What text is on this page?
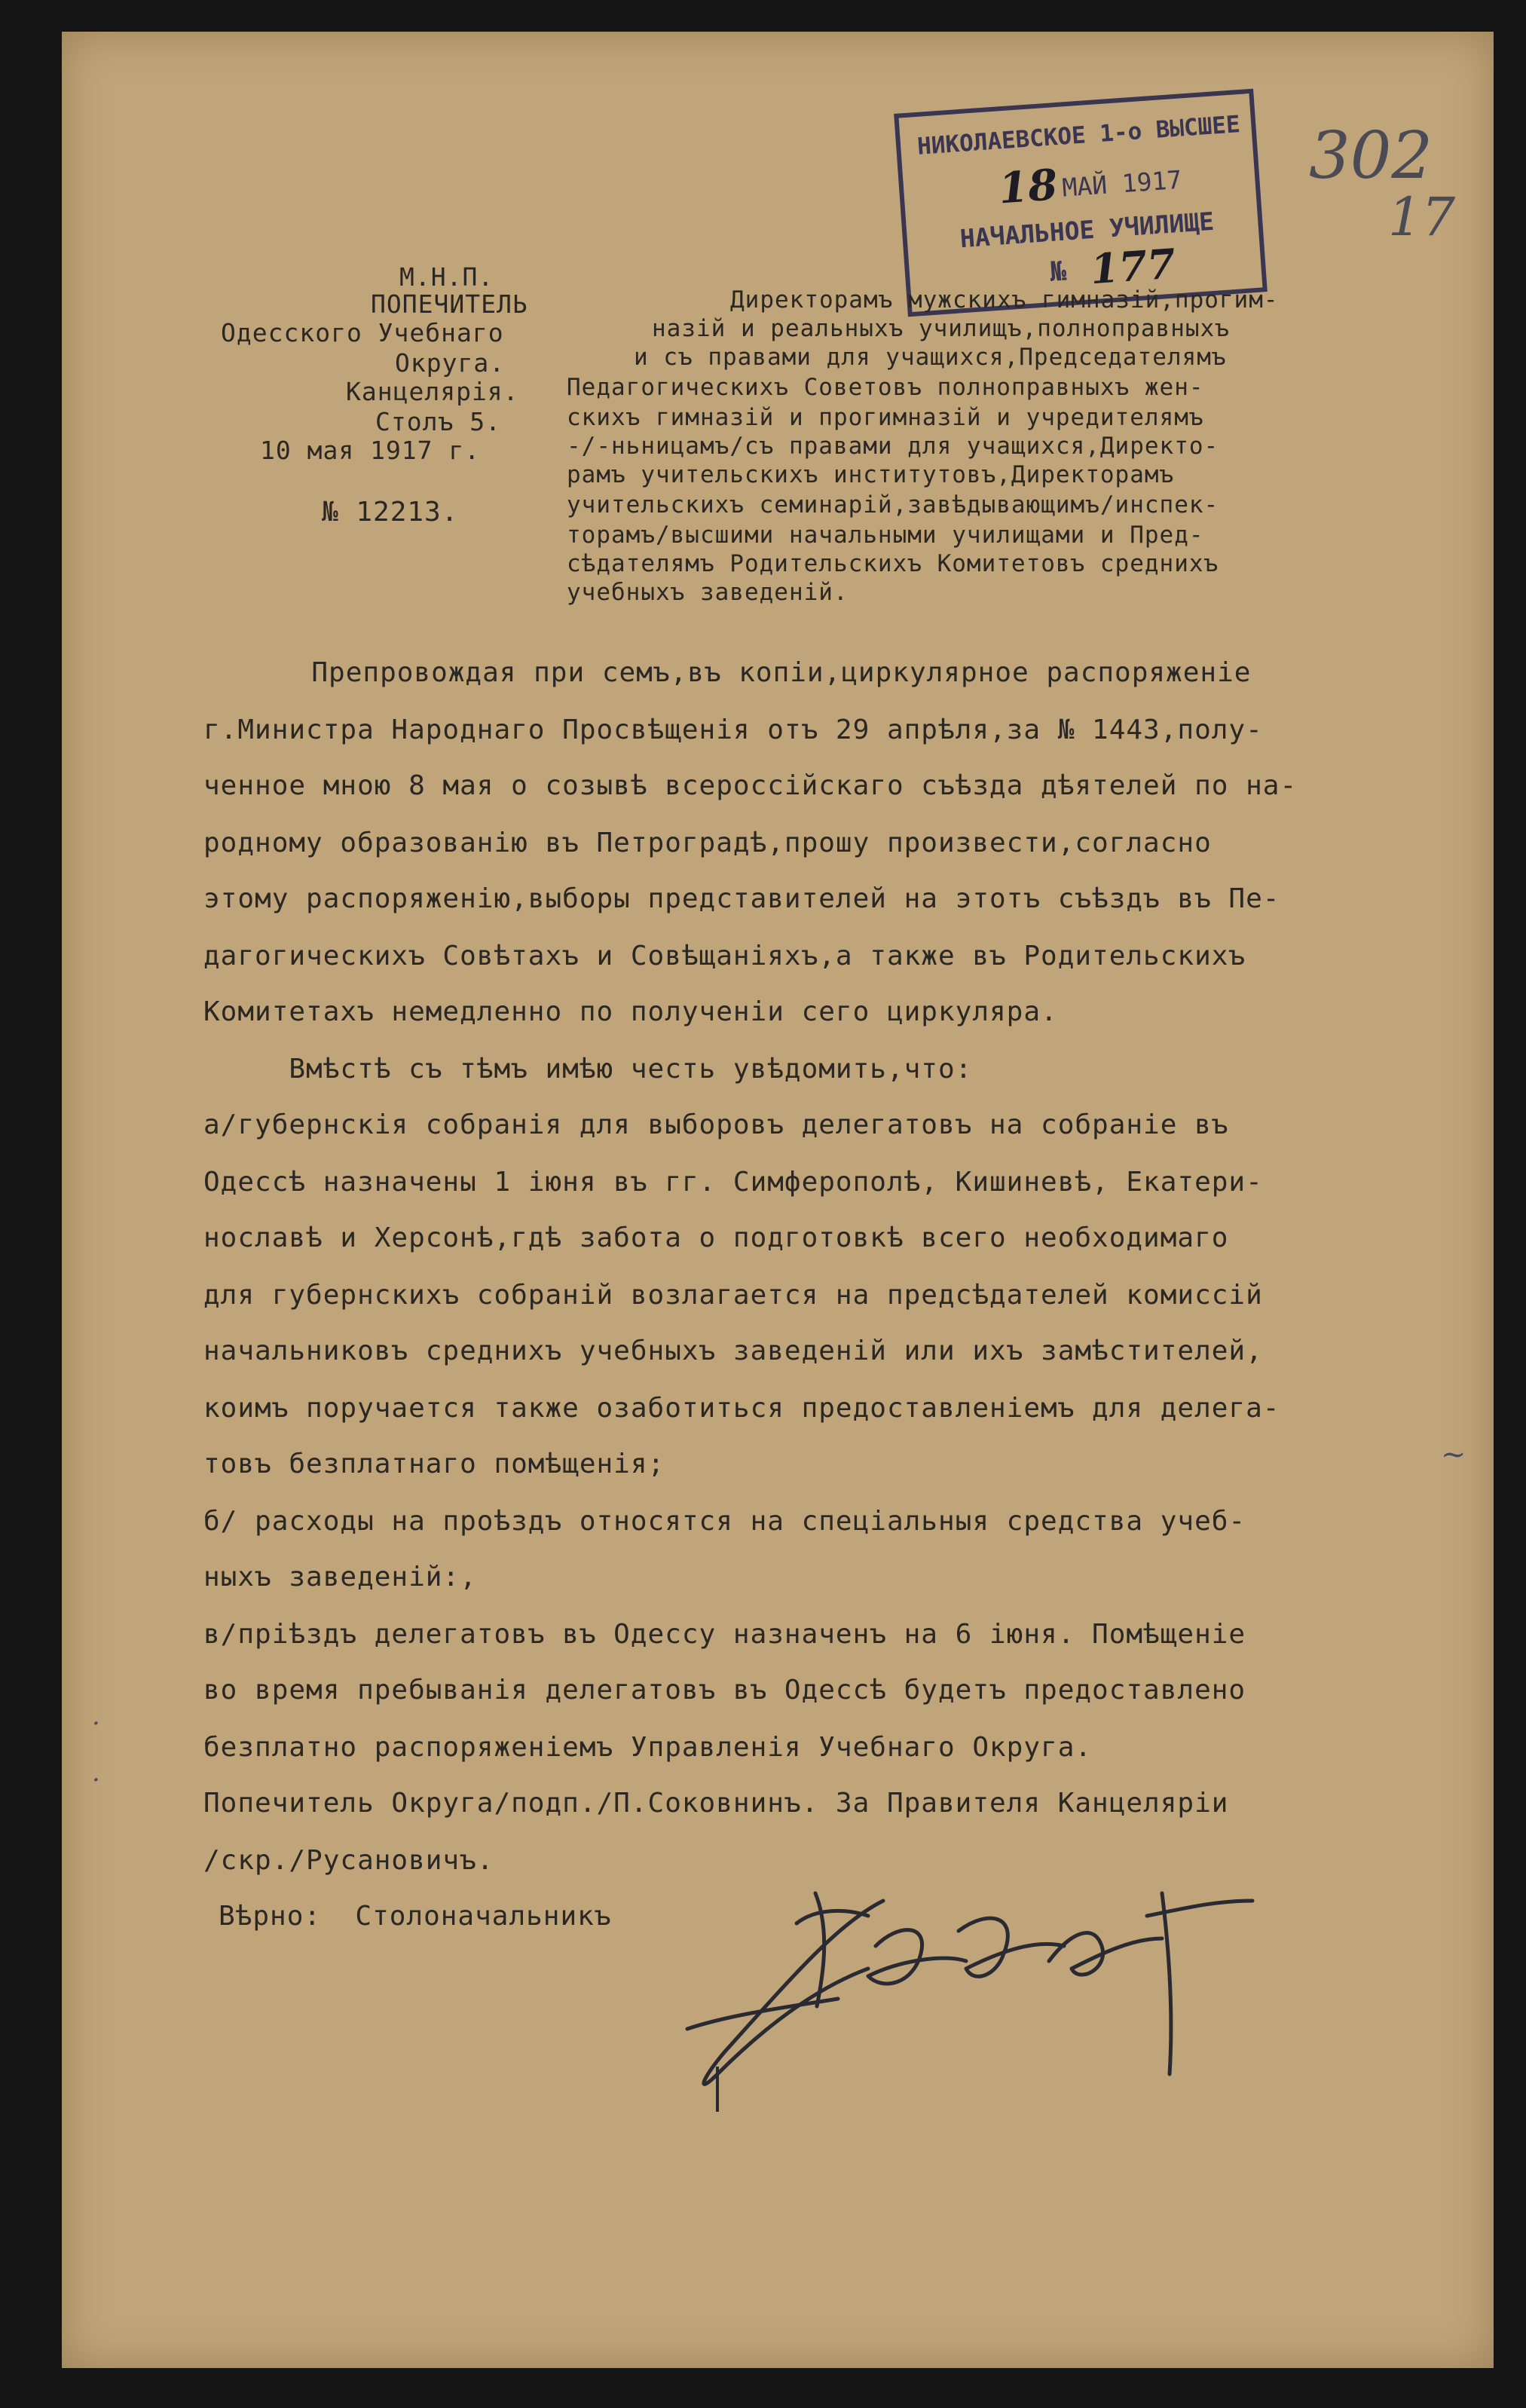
302
17
НИКОЛАЕВСКОЕ 1-о ВЫСШЕЕ
18 МАЙ 1917
НАЧАЛЬНОЕ УЧИЛИЩЕ
№ 177
М.Н.П.
ПОПЕЧИТЕЛЬ
Одесского Учебнаго
Округа.
Канцелярія.
Столъ 5.
10 мая 1917 г.
№ 12213.
Директорамъ мужскихъ гимназій,прогим-
назій и реальныхъ училищъ,полноправныхъ
и съ правами для учащихся,Председателямъ
Педагогическихъ Советовъ полноправныхъ жен-
скихъ гимназій и прогимназій и учредителямъ
-/-ньницамъ/съ правами для учащихся,Директо-
рамъ учительскихъ институтовъ,Директорамъ
учительскихъ семинарій,завѣдывающимъ/инспек-
торамъ/высшими начальными училищами и Пред-
сѣдателямъ Родительскихъ Комитетовъ среднихъ
учебныхъ заведеній.
Препровождая при семъ,въ копіи,циркулярное распоряженіе
г.Министра Народнаго Просвѣщенія отъ 29 апрѣля,за № 1443,полу-
ченное мною 8 мая о созывѣ всероссійскаго съѣзда дѣятелей по на-
родному образованію въ Петроградѣ,прошу произвести,согласно
этому распоряженію,выборы представителей на этотъ съѣздъ въ Пе-
дагогическихъ Совѣтахъ и Совѣщаніяхъ,а также въ Родительскихъ
Комитетахъ немедленно по полученіи сего циркуляра.
Вмѣстѣ съ тѣмъ имѣю честь увѣдомить,что:
а/губернскія собранія для выборовъ делегатовъ на собраніе въ
Одессѣ назначены 1 іюня въ гг. Симферополѣ, Кишиневѣ, Екатери-
нославѣ и Херсонѣ,гдѣ забота о подготовкѣ всего необходимаго
для губернскихъ собраній возлагается на предсѣдателей комиссій
начальниковъ среднихъ учебныхъ заведеній или ихъ замѣстителей,
коимъ поручается также озаботиться предоставленіемъ для делега-
товъ безплатнаго помѣщенія;
б/ расходы на проѣздъ относятся на спеціальныя средства учеб-
ныхъ заведеній:,
в/пріѣздъ делегатовъ въ Одессу назначенъ на 6 іюня. Помѣщеніе
во время пребыванія делегатовъ въ Одессѣ будетъ предоставлено
безплатно распоряженіемъ Управленія Учебнаго Округа.
Попечитель Округа/подп./П.Соковнинъ. За Правителя Канцеляріи
/скр./Русановичъ.
Вѣрно:  Столоначальникъ
~
.
.
